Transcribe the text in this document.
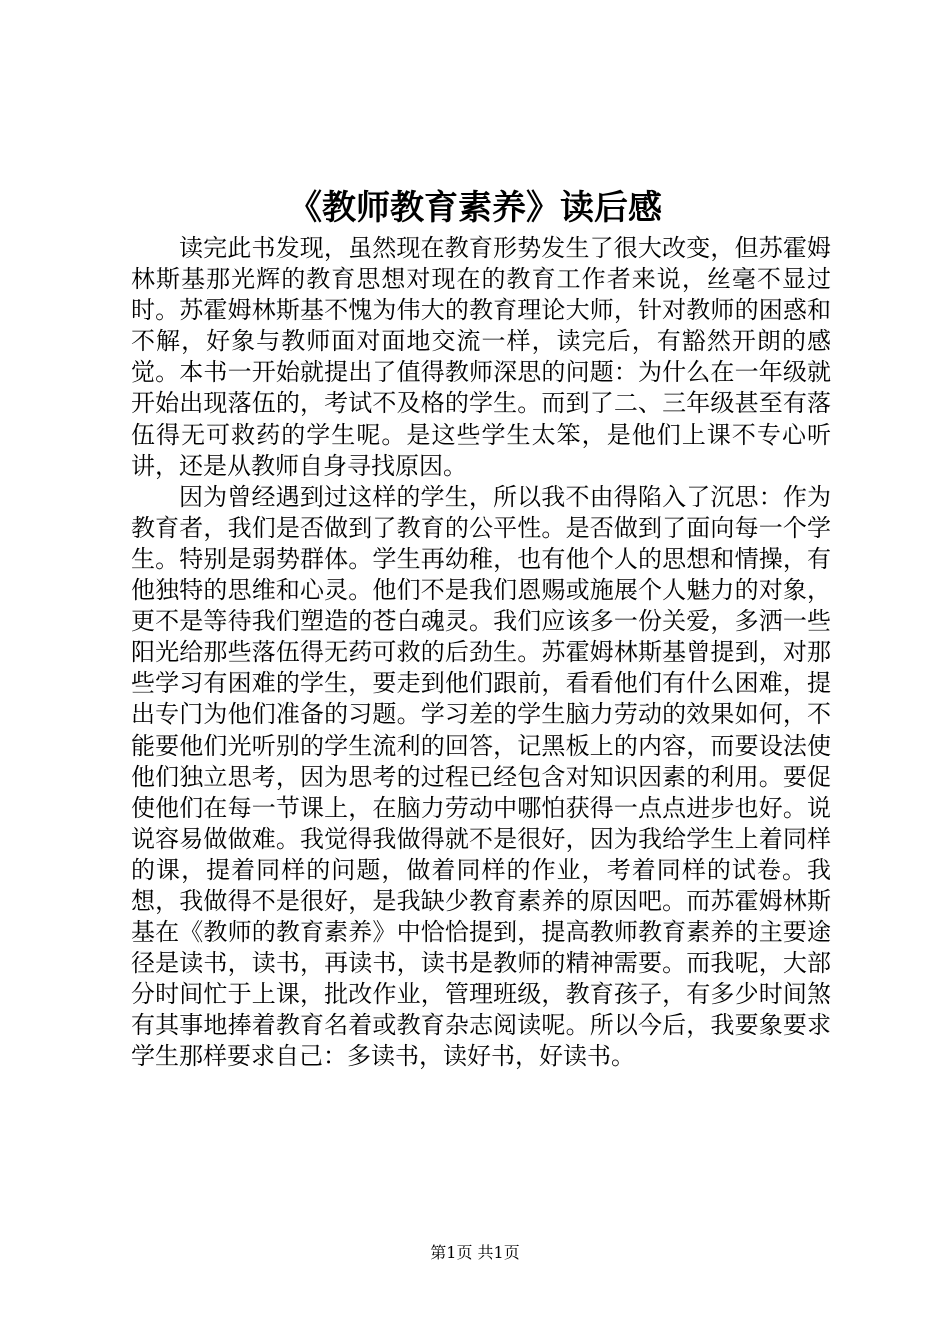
《教师教育素养》读后感

读完此书发现，虽然现在教育形势发生了很大改变，但苏霍姆林斯基那光辉的教育思想对现在的教育工作者来说，丝毫不显过时。苏霍姆林斯基不愧为伟大的教育理论大师，针对教师的困惑和不解，好象与教师面对面地交流一样，读完后，有豁然开朗的感觉。本书一开始就提出了值得教师深思的问题：为什么在一年级就开始出现落伍的，考试不及格的学生。而到了二、三年级甚至有落伍得无可救药的学生呢。是这些学生太笨，是他们上课不专心听讲，还是从教师自身寻找原因。

因为曾经遇到过这样的学生，所以我不由得陷入了沉思：作为教育者，我们是否做到了教育的公平性。是否做到了面向每一个学生。特别是弱势群体。学生再幼稚，也有他个人的思想和情操，有他独特的思维和心灵。他们不是我们恩赐或施展个人魅力的对象，更不是等待我们塑造的苍白魂灵。我们应该多一份关爱，多洒一些阳光给那些落伍得无药可救的后劲生。苏霍姆林斯基曾提到，对那些学习有困难的学生，要走到他们跟前，看看他们有什么困难，提出专门为他们准备的习题。学习差的学生脑力劳动的效果如何，不能要他们光听别的学生流利的回答，记黑板上的内容，而要设法使他们独立思考，因为思考的过程已经包含对知识因素的利用。要促使他们在每一节课上，在脑力劳动中哪怕获得一点点进步也好。说说容易做做难。我觉得我做得就不是很好，因为我给学生上着同样的课，提着同样的问题，做着同样的作业，考着同样的试卷。我想，我做得不是很好，是我缺少教育素养的原因吧。而苏霍姆林斯基在《教师的教育素养》中恰恰提到，提高教师教育素养的主要途径是读书，读书，再读书，读书是教师的精神需要。而我呢，大部分时间忙于上课，批改作业，管理班级，教育孩子，有多少时间煞有其事地捧着教育名着或教育杂志阅读呢。所以今后，我要象要求学生那样要求自己：多读书，读好书，好读书。

第1页 共1页
